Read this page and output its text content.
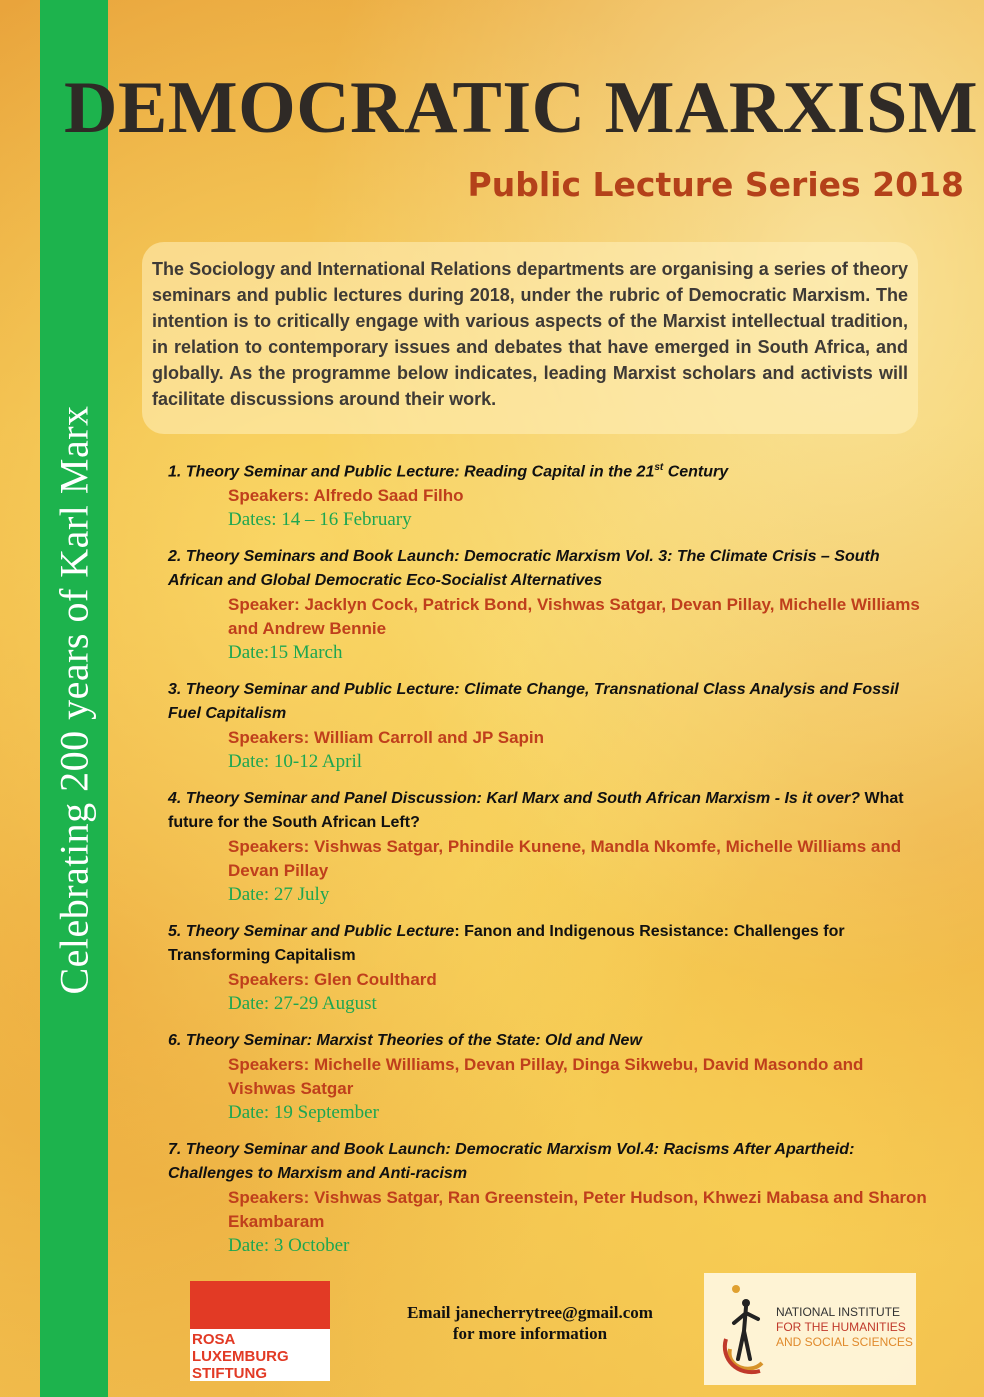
Celebrating 200 years of Karl Marx
DEMOCRATIC MARXISM
Public Lecture Series 2018

The Sociology and International Relations departments are organising a series of theory seminars and public lectures during 2018, under the rubric of Democratic Marxism. The intention is to critically engage with various aspects of the Marxist intellectual tradition, in relation to contemporary issues and debates that have emerged in South Africa, and globally. As the programme below indicates, leading Marxist scholars and activists will facilitate discussions around their work.

1. Theory Seminar and Public Lecture: Reading Capital in the 21st Century
Speakers: Alfredo Saad Filho
Dates: 14 – 16 February
2. Theory Seminars and Book Launch: Democratic Marxism Vol. 3: The Climate Crisis – South African and Global Democratic Eco-Socialist Alternatives
Speaker: Jacklyn Cock, Patrick Bond, Vishwas Satgar, Devan Pillay, Michelle Williams and Andrew Bennie
Date:15 March
3. Theory Seminar and Public Lecture: Climate Change, Transnational Class Analysis and Fossil Fuel Capitalism
Speakers: William Carroll and JP Sapin
Date: 10-12 April
4. Theory Seminar and Panel Discussion: Karl Marx and South African Marxism - Is it over? What future for the South African Left?
Speakers: Vishwas Satgar, Phindile Kunene, Mandla Nkomfe, Michelle Williams and Devan Pillay
Date: 27 July
5. Theory Seminar and Public Lecture: Fanon and Indigenous Resistance: Challenges for Transforming Capitalism
Speakers: Glen Coulthard
Date: 27-29 August
6. Theory Seminar: Marxist Theories of the State: Old and New
Speakers: Michelle Williams, Devan Pillay, Dinga Sikwebu, David Masondo and Vishwas Satgar
Date: 19 September
7. Theory Seminar and Book Launch: Democratic Marxism Vol.4: Racisms After Apartheid: Challenges to Marxism and Anti-racism
Speakers: Vishwas Satgar, Ran Greenstein, Peter Hudson, Khwezi Mabasa and Sharon Ekambaram
Date: 3 October
ROSA
LUXEMBURG
STIFTUNG
Email janecherrytree@gmail.com
for more information
NATIONAL INSTITUTE
FOR THE HUMANITIES
AND SOCIAL SCIENCES
